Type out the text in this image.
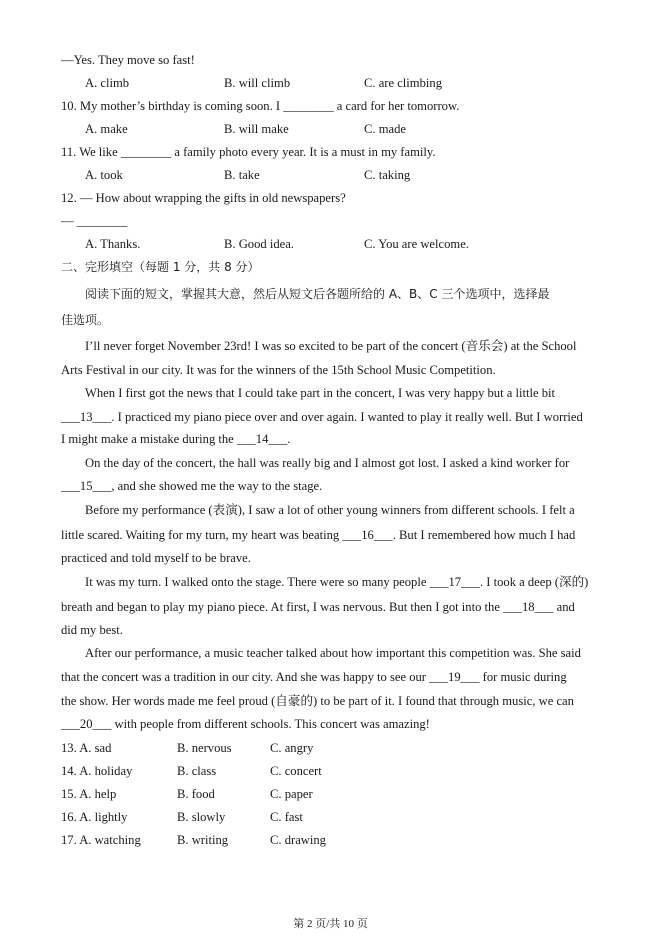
—Yes. They move so fast!
A. climb	B. will climb	C. are climbing
10. My mother’s birthday is coming soon. I ________ a card for her tomorrow.
A. make	B. will make	C. made
11. We like ________ a family photo every year. It is a must in my family.
A. took	B. take	C. taking
12. — How about wrapping the gifts in old newspapers?
— ________
A. Thanks.	B. Good idea.	C. You are welcome.
二、完形填空（每题 1 分，共 8 分）
阅读下面的短文，掌握其大意，然后从短文后各题所给的 A、B、C 三个选项中，选择最
佳选项。
I’ll never forget November 23rd! I was so excited to be part of the concert (音乐会) at the School
Arts Festival in our city. It was for the winners of the 15th School Music Competition.
When I first got the news that I could take part in the concert, I was very happy but a little bit
___13___. I practiced my piano piece over and over again. I wanted to play it really well. But I worried
I might make a mistake during the ___14___.
On the day of the concert, the hall was really big and I almost got lost. I asked a kind worker for
___15___, and she showed me the way to the stage.
Before my performance (表演), I saw a lot of other young winners from different schools. I felt a
little scared. Waiting for my turn, my heart was beating ___16___. But I remembered how much I had
practiced and told myself to be brave.
It was my turn. I walked onto the stage. There were so many people ___17___. I took a deep (深的)
breath and began to play my piano piece. At first, I was nervous. But then I got into the ___18___ and
did my best.
After our performance, a music teacher talked about how important this competition was. She said
that the concert was a tradition in our city. And she was happy to see our ___19___ for music during
the show. Her words made me feel proud (自豪的) to be part of it. I found that through music, we can
___20___ with people from different schools. This concert was amazing!
13. A. sad	B. nervous	C. angry
14. A. holiday	B. class	C. concert
15. A. help	B. food	C. paper
16. A. lightly	B. slowly	C. fast
17. A. watching	B. writing	C. drawing
第 2 页/共 10 页
